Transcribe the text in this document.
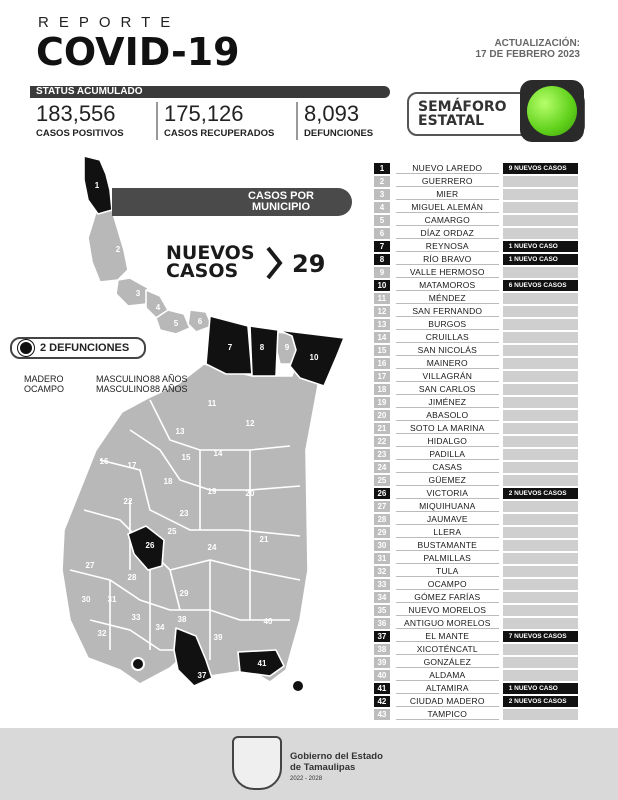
REPORTE
COVID-19	ACTUALIZACIÓN:
17 DE FEBRERO 2023
STATUS ACUMULADO
183,556
CASOS POSITIVOS
175,126
CASOS RECUPERADOS
8,093
DEFUNCIONES
SEMÁFORO
ESTATAL
1
2
3
4
5 6
7	8	9
10
11
12
13
14
15
16 17
18
19	20
21
22
23
24
25
26
27
28
29
30 31
32
33
34
35 36
37
38
39
40
41
42
43
CASOS POR
MUNICIPIO
NUEVOS
CASOS	29
2 DEFUNCIONES
MADERO	MASCULINO 88 AÑOS
OCAMPO	MASCULINO 88 AÑOS
1	NUEVO LAREDO	9 NUEVOS CASOS
2	GUERRERO
3	MIER
4	MIGUEL ALEMÁN
5	CAMARGO
6	DÍAZ ORDAZ
7	REYNOSA	1 NUEVO CASO
8	RÍO BRAVO	1 NUEVO CASO
9	VALLE HERMOSO
10	MATAMOROS	6 NUEVOS CASOS
11	MÉNDEZ
12	SAN FERNANDO
13	BURGOS
14	CRUILLAS
15	SAN NICOLÁS
16	MAINERO
17	VILLAGRÁN
18	SAN CARLOS
19	JIMÉNEZ
20	ABASOLO
21	SOTO LA MARINA
22	HIDALGO
23	PADILLA
24	CASAS
25	GÜEMEZ
26	VICTORIA	2 NUEVOS CASOS
27	MIQUIHUANA
28	JAUMAVE
29	LLERA
30	BUSTAMANTE
31	PALMILLAS
32	TULA
33	OCAMPO
34	GÓMEZ FARÍAS
35	NUEVO MORELOS
36	ANTIGUO MORELOS
37	EL MANTE	7 NUEVOS CASOS
38	XICOTÉNCATL
39	GONZÁLEZ
40	ALDAMA
41	ALTAMIRA	1 NUEVO CASO
42	CIUDAD MADERO	2 NUEVOS CASOS
43	TAMPICO
Gobierno del Estado
de Tamaulipas
2022 - 2028
